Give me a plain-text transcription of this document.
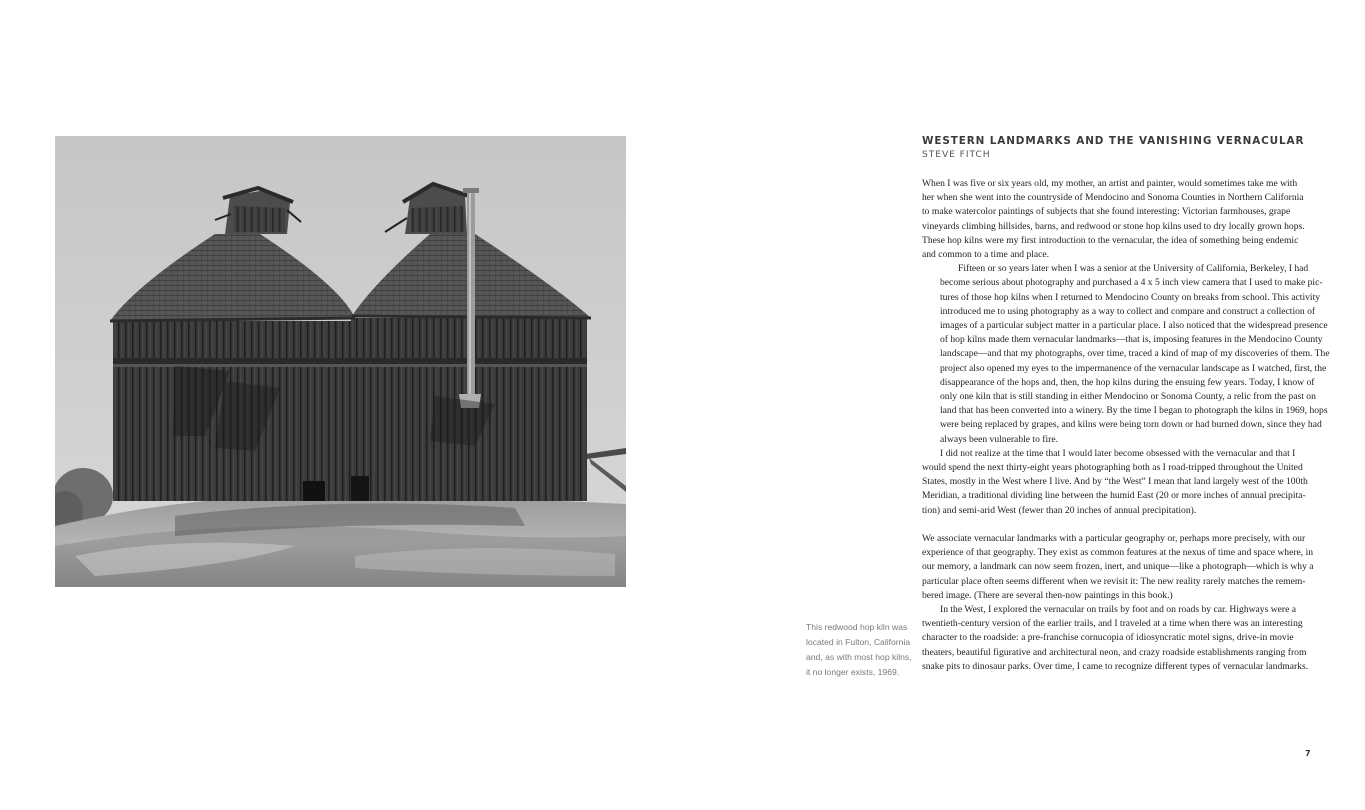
This redwood hop kiln was
located in Fulton, California
and, as with most hop kilns,
it no longer exists, 1969.
WESTERN LANDMARKS AND THE VANISHING VERNACULAR
STEVE FITCH

When I was five or six years old, my mother, an artist and painter, would sometimes take me with
her when she went into the countryside of Mendocino and Sonoma Counties in Northern California
to make watercolor paintings of subjects that she found interesting: Victorian farmhouses, grape
vineyards climbing hillsides, barns, and redwood or stone hop kilns used to dry locally grown hops.
These hop kilns were my first introduction to the vernacular, the idea of something being endemic
and common to a time and place.

Fifteen or so years later when I was a senior at the University of California, Berkeley, I had
become serious about photography and purchased a 4 x 5 inch view camera that I used to make pic-
tures of those hop kilns when I returned to Mendocino County on breaks from school. This activity
introduced me to using photography as a way to collect and compare and construct a collection of
images of a particular subject matter in a particular place. I also noticed that the widespread presence
of hop kilns made them vernacular landmarks—that is, imposing features in the Mendocino County
landscape—and that my photographs, over time, traced a kind of map of my discoveries of them. The
project also opened my eyes to the impermanence of the vernacular landscape as I watched, first, the
disappearance of the hops and, then, the hop kilns during the ensuing few years. Today, I know of
only one kiln that is still standing in either Mendocino or Sonoma County, a relic from the past on
land that has been converted into a winery. By the time I began to photograph the kilns in 1969, hops
were being replaced by grapes, and kilns were being torn down or had burned down, since they had
always been vulnerable to fire.

I did not realize at the time that I would later become obsessed with the vernacular and that I
would spend the next thirty-eight years photographing both as I road-tripped throughout the United
States, mostly in the West where I live. And by “the West” I mean that land largely west of the 100th
Meridian, a traditional dividing line between the humid East (20 or more inches of annual precipita-
tion) and semi-arid West (fewer than 20 inches of annual precipitation).

We associate vernacular landmarks with a particular geography or, perhaps more precisely, with our
experience of that geography. They exist as common features at the nexus of time and space where, in
our memory, a landmark can now seem frozen, inert, and unique—like a photograph—which is why a
particular place often seems different when we revisit it: The new reality rarely matches the remem-
bered image. (There are several then-now paintings in this book.)

In the West, I explored the vernacular on trails by foot and on roads by car. Highways were a
twentieth-century version of the earlier trails, and I traveled at a time when there was an interesting
character to the roadside: a pre-franchise cornucopia of idiosyncratic motel signs, drive-in movie
theaters, beautiful figurative and architectural neon, and crazy roadside establishments ranging from
snake pits to dinosaur parks. Over time, I came to recognize different types of vernacular landmarks.

7
